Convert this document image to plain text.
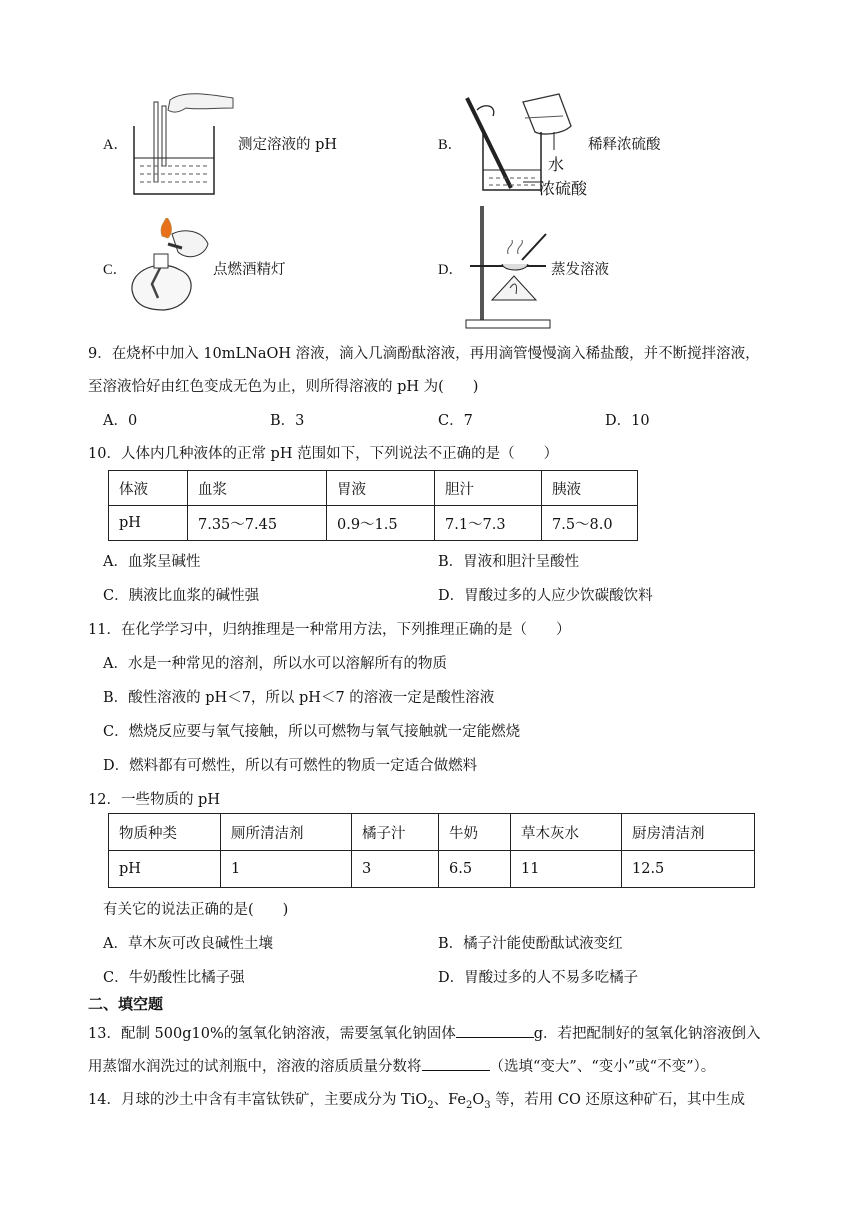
A．	测定溶液的 pH	B．
水
浓硫酸
稀释浓硫酸
C．	点燃酒精灯	D．	蒸发溶液
9．在烧杯中加入 10mLNaOH 溶液，滴入几滴酚酞溶液，再用滴管慢慢滴入稀盐酸，并不断搅拌溶液，
至溶液恰好由红色变成无色为止，则所得溶液的 pH 为(　　)
A．0	B．3	C．7	D．10
10．人体内几种液体的正常 pH 范围如下，下列说法不正确的是（　　）
体液	血浆	胃液	胆汁	胰液
pH	7.35～7.45	0.9～1.5	7.1～7.3	7.5～8.0
A．血浆呈碱性	B．胃液和胆汁呈酸性
C．胰液比血浆的碱性强	D．胃酸过多的人应少饮碳酸饮料
11．在化学学习中，归纳推理是一种常用方法，下列推理正确的是（　　）
A．水是一种常见的溶剂，所以水可以溶解所有的物质
B．酸性溶液的 pH＜7，所以 pH＜7 的溶液一定是酸性溶液
C．燃烧反应要与氧气接触，所以可燃物与氧气接触就一定能燃烧
D．燃料都有可燃性，所以有可燃性的物质一定适合做燃料
12．一些物质的 pH
物质种类	厕所清洁剂	橘子汁	牛奶	草木灰水	厨房清洁剂
pH	1	3	6.5	11	12.5
有关它的说法正确的是(　　)
A．草木灰可改良碱性土壤	B．橘子汁能使酚酞试液变红
C．牛奶酸性比橘子强	D．胃酸过多的人不易多吃橘子
二、填空题
13．配制 500g10%的氢氧化钠溶液，需要氢氧化钠固体	g．若把配制好的氢氧化钠溶液倒入
用蒸馏水润洗过的试剂瓶中，溶液的溶质质量分数将	（选填“变大”、“变小”或“不变”）。
14．月球的沙土中含有丰富钛铁矿，主要成分为 TiO$_2$、$Fe_2O_3$ 等，若用 CO 还原这种矿石，其中生成
